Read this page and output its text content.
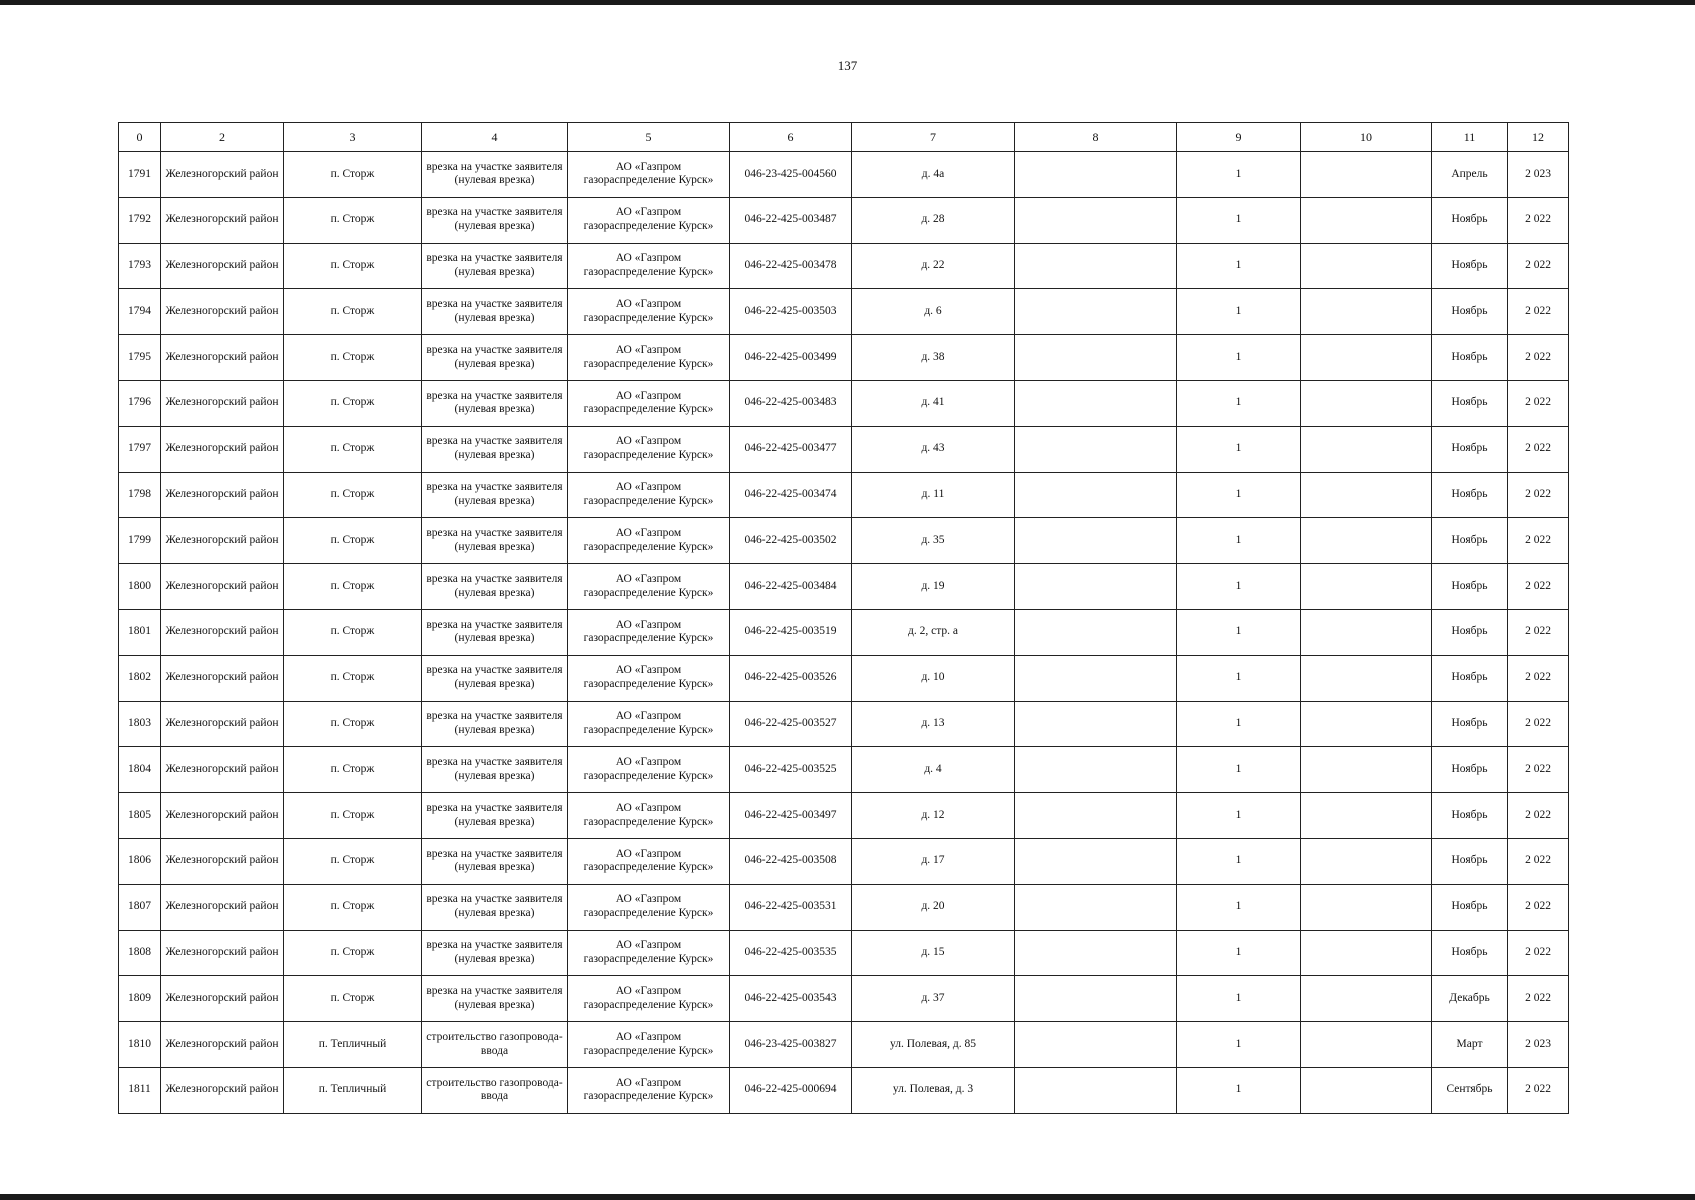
137
0	2	3	4	5	6	7	8	9	10	11	12
1791	Железногорский район	п. Сторж	врезка на участке заявителя (нулевая врезка)	АО «Газпром газораспределение Курск»	046-23-425-004560	д. 4а		1		Апрель	2 023
1792	Железногорский район	п. Сторж	врезка на участке заявителя (нулевая врезка)	АО «Газпром газораспределение Курск»	046-22-425-003487	д. 28		1		Ноябрь	2 022
1793	Железногорский район	п. Сторж	врезка на участке заявителя (нулевая врезка)	АО «Газпром газораспределение Курск»	046-22-425-003478	д. 22		1		Ноябрь	2 022
1794	Железногорский район	п. Сторж	врезка на участке заявителя (нулевая врезка)	АО «Газпром газораспределение Курск»	046-22-425-003503	д. 6		1		Ноябрь	2 022
1795	Железногорский район	п. Сторж	врезка на участке заявителя (нулевая врезка)	АО «Газпром газораспределение Курск»	046-22-425-003499	д. 38		1		Ноябрь	2 022
1796	Железногорский район	п. Сторж	врезка на участке заявителя (нулевая врезка)	АО «Газпром газораспределение Курск»	046-22-425-003483	д. 41		1		Ноябрь	2 022
1797	Железногорский район	п. Сторж	врезка на участке заявителя (нулевая врезка)	АО «Газпром газораспределение Курск»	046-22-425-003477	д. 43		1		Ноябрь	2 022
1798	Железногорский район	п. Сторж	врезка на участке заявителя (нулевая врезка)	АО «Газпром газораспределение Курск»	046-22-425-003474	д. 11		1		Ноябрь	2 022
1799	Железногорский район	п. Сторж	врезка на участке заявителя (нулевая врезка)	АО «Газпром газораспределение Курск»	046-22-425-003502	д. 35		1		Ноябрь	2 022
1800	Железногорский район	п. Сторж	врезка на участке заявителя (нулевая врезка)	АО «Газпром газораспределение Курск»	046-22-425-003484	д. 19		1		Ноябрь	2 022
1801	Железногорский район	п. Сторж	врезка на участке заявителя (нулевая врезка)	АО «Газпром газораспределение Курск»	046-22-425-003519	д. 2, стр. а		1		Ноябрь	2 022
1802	Железногорский район	п. Сторж	врезка на участке заявителя (нулевая врезка)	АО «Газпром газораспределение Курск»	046-22-425-003526	д. 10		1		Ноябрь	2 022
1803	Железногорский район	п. Сторж	врезка на участке заявителя (нулевая врезка)	АО «Газпром газораспределение Курск»	046-22-425-003527	д. 13		1		Ноябрь	2 022
1804	Железногорский район	п. Сторж	врезка на участке заявителя (нулевая врезка)	АО «Газпром газораспределение Курск»	046-22-425-003525	д. 4		1		Ноябрь	2 022
1805	Железногорский район	п. Сторж	врезка на участке заявителя (нулевая врезка)	АО «Газпром газораспределение Курск»	046-22-425-003497	д. 12		1		Ноябрь	2 022
1806	Железногорский район	п. Сторж	врезка на участке заявителя (нулевая врезка)	АО «Газпром газораспределение Курск»	046-22-425-003508	д. 17		1		Ноябрь	2 022
1807	Железногорский район	п. Сторж	врезка на участке заявителя (нулевая врезка)	АО «Газпром газораспределение Курск»	046-22-425-003531	д. 20		1		Ноябрь	2 022
1808	Железногорский район	п. Сторж	врезка на участке заявителя (нулевая врезка)	АО «Газпром газораспределение Курск»	046-22-425-003535	д. 15		1		Ноябрь	2 022
1809	Железногорский район	п. Сторж	врезка на участке заявителя (нулевая врезка)	АО «Газпром газораспределение Курск»	046-22-425-003543	д. 37		1		Декабрь	2 022
1810	Железногорский район	п. Тепличный	строительство газопровода-ввода	АО «Газпром газораспределение Курск»	046-23-425-003827	ул. Полевая, д. 85		1		Март	2 023
1811	Железногорский район	п. Тепличный	строительство газопровода-ввода	АО «Газпром газораспределение Курск»	046-22-425-000694	ул. Полевая, д. 3		1		Сентябрь	2 022
